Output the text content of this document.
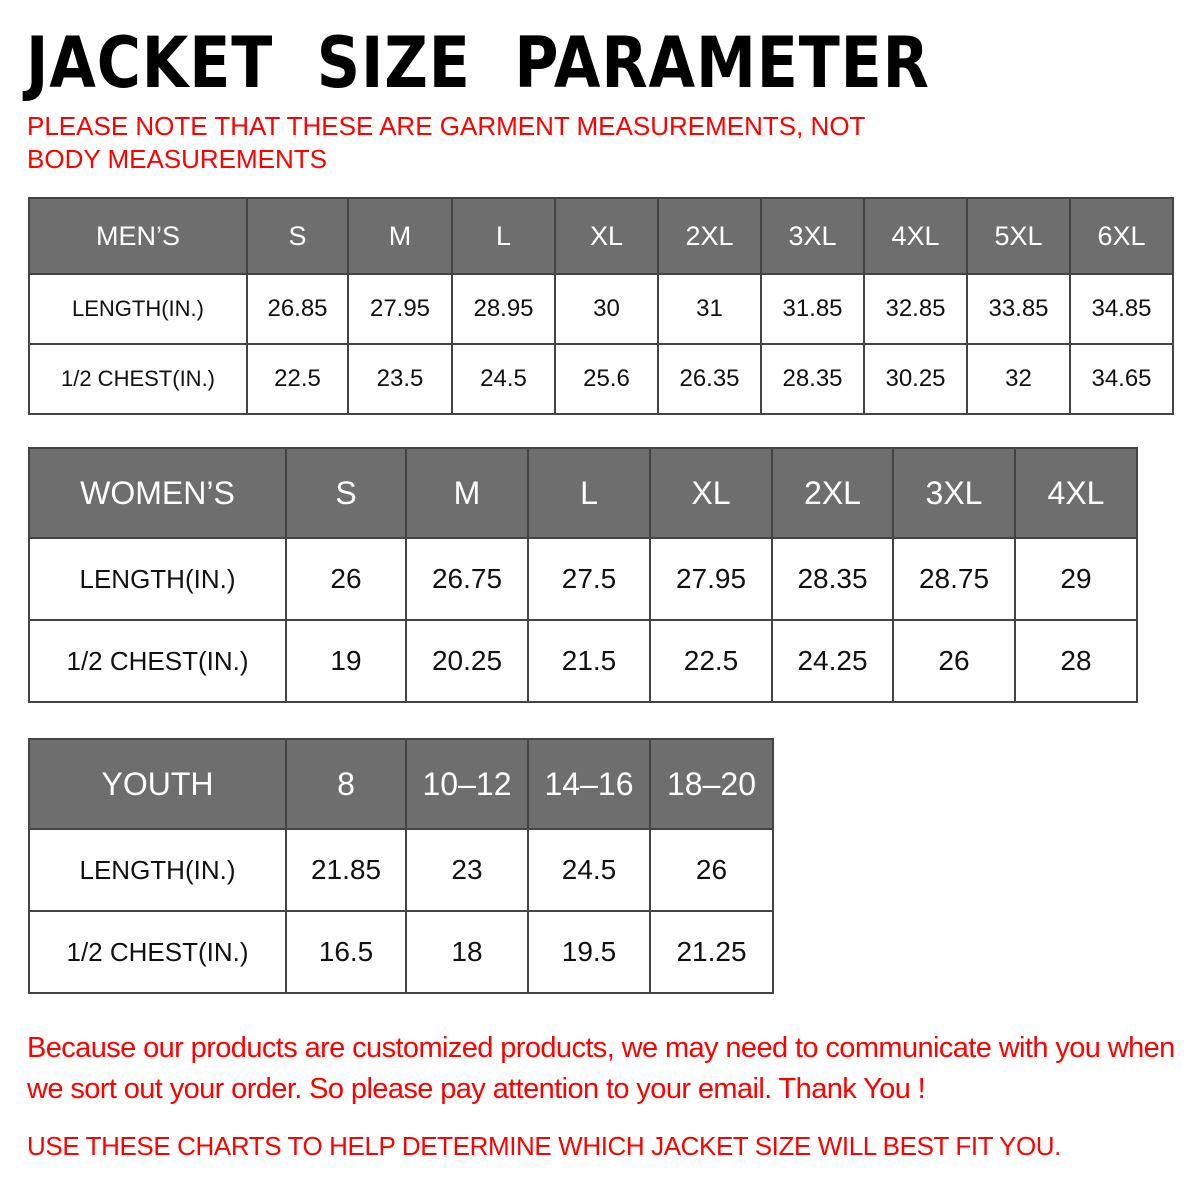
JACKET  SIZE  PARAMETER
PLEASE NOTE THAT THESE ARE GARMENT MEASUREMENTS, NOT BODY MEASUREMENTS
MEN’S	S	M	L	XL	2XL	3XL	4XL	5XL	6XL
LENGTH(IN.)	26.85	27.95	28.95	30	31	31.85	32.85	33.85	34.85
1/2 CHEST(IN.)	22.5	23.5	24.5	25.6	26.35	28.35	30.25	32	34.65
WOMEN’S	S	M	L	XL	2XL	3XL	4XL
LENGTH(IN.)	26	26.75	27.5	27.95	28.35	28.75	29
1/2 CHEST(IN.)	19	20.25	21.5	22.5	24.25	26	28
YOUTH	8	10–12	14–16	18–20
LENGTH(IN.)	21.85	23	24.5	26
1/2 CHEST(IN.)	16.5	18	19.5	21.25
Because our products are customized products, we may need to communicate with you when we sort out your order. So please pay attention to your email. Thank You !
USE THESE CHARTS TO HELP DETERMINE WHICH JACKET SIZE WILL BEST FIT YOU.
